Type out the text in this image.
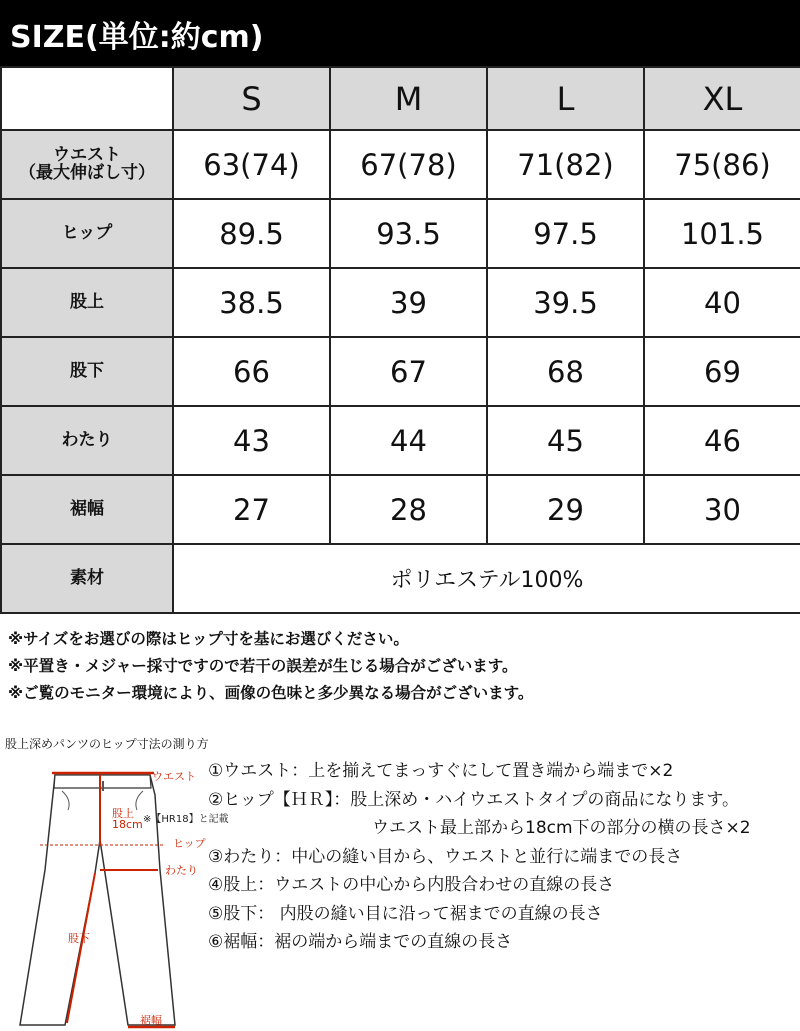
SIZE(単位:約cm)
	S	M	L	XL

ウエスト
（最大伸ばし寸）	63(74)	67(78)	71(82)	75(86)
ヒップ	89.5	93.5	97.5	101.5
股上	38.5	39	39.5	40
股下	66	67	68	69
わたり	43	44	45	46
裾幅	27	28	29	30
素材	ポリエステル100%			
※サイズをお選びの際はヒップ寸を基にお選びください。
※平置き・メジャー採寸ですので若干の誤差が生じる場合がございます。
※ご覧のモニター環境により、画像の色味と多少異なる場合がございます。
股上深めパンツのヒップ寸法の測り方
ウエスト
股上
18cm ※【HR18】と記載
ヒップ
わたり
股下
裾幅
①ウエスト：上を揃えてまっすぐにして置き端から端まで×2
②ヒップ【ＨＲ】：股上深め・ハイウエストタイプの商品になります。
ウエスト最上部から18cm下の部分の横の長さ×2
③わたり：中心の縫い目から、ウエストと並行に端までの長さ
④股上：ウエストの中心から内股合わせの直線の長さ
⑤股下： 内股の縫い目に沿って裾までの直線の長さ
⑥裾幅：裾の端から端までの直線の長さ
